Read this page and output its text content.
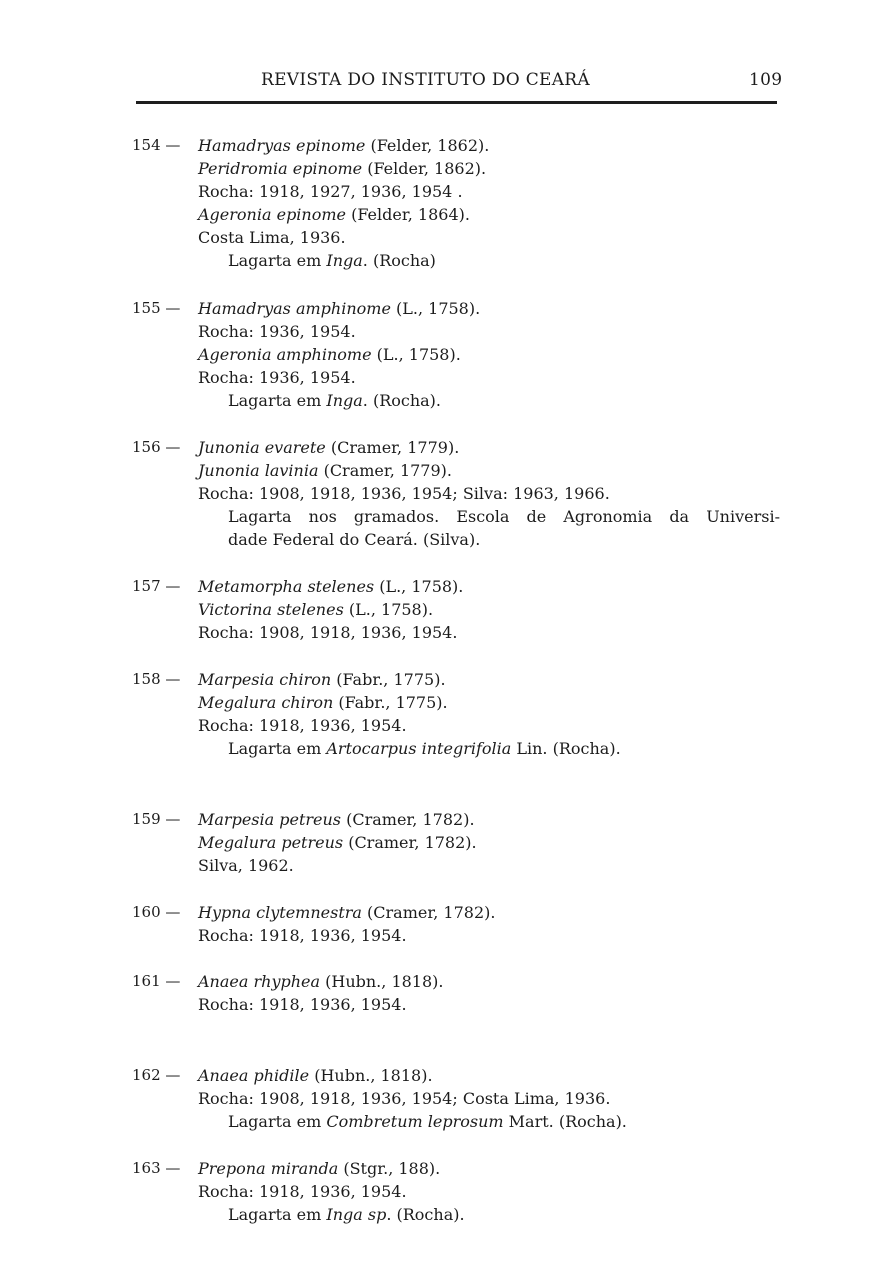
REVISTA DO INSTITUTO DO CEARÁ	109
154 — Hamadryas epinome (Felder, 1862).
Peridromia epinome (Felder, 1862).
Rocha: 1918, 1927, 1936, 1954 .
Ageronia epinome (Felder, 1864).
Costa Lima, 1936.
Lagarta em Inga. (Rocha)
155 — Hamadryas amphinome (L., 1758).
Rocha: 1936, 1954.
Ageronia amphinome (L., 1758).
Rocha: 1936, 1954.
Lagarta em Inga. (Rocha).
156 — Junonia evarete (Cramer, 1779).
Junonia lavinia (Cramer, 1779).
Rocha: 1908, 1918, 1936, 1954; Silva: 1963, 1966.
Lagarta nos gramados. Escola de Agronomia da Universi-
dade Federal do Ceará. (Silva).
157 — Metamorpha stelenes (L., 1758).
Victorina stelenes (L., 1758).
Rocha: 1908, 1918, 1936, 1954.
158 — Marpesia chiron (Fabr., 1775).
Megalura chiron (Fabr., 1775).
Rocha: 1918, 1936, 1954.
Lagarta em Artocarpus integrifolia Lin. (Rocha).
159 — Marpesia petreus (Cramer, 1782).
Megalura petreus (Cramer, 1782).
Silva, 1962.
160 — Hypna clytemnestra (Cramer, 1782).
Rocha: 1918, 1936, 1954.
161 — Anaea rhyphea (Hubn., 1818).
Rocha: 1918, 1936, 1954.
162 — Anaea phidile (Hubn., 1818).
Rocha: 1908, 1918, 1936, 1954; Costa Lima, 1936.
Lagarta em Combretum leprosum Mart. (Rocha).
163 — Prepona miranda (Stgr., 188).
Rocha: 1918, 1936, 1954.
Lagarta em Inga sp. (Rocha).
